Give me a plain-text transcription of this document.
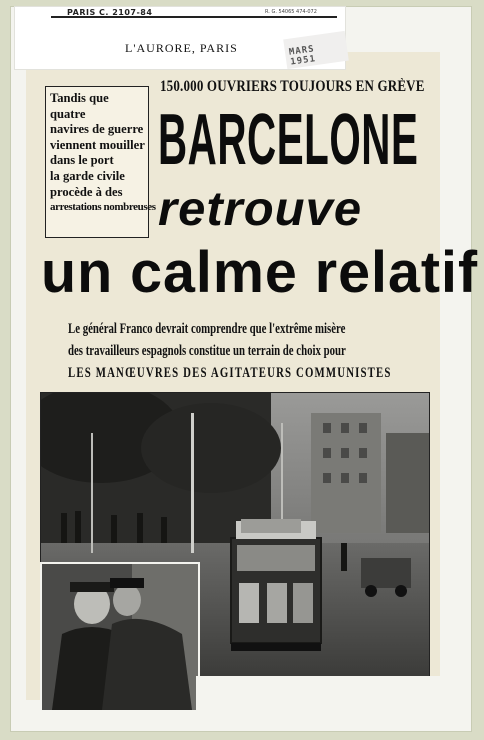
PARIS C. 2107-84	R. G. 54065 474-072
L'AURORE, PARIS	MARS 1951
Tandis que quatre
navires de guerre
viennent mouiller
dans le port
la garde civile
procède à des
arrestations nombreuses
150.000 OUVRIERS TOUJOURS EN GRÈVE
BARCELONE
retrouve
un calme relatif
Le général Franco devrait comprendre que l'extrême misère
des travailleurs espagnols constitue un terrain de choix pour
LES MANŒUVRES DES AGITATEURS COMMUNISTES
